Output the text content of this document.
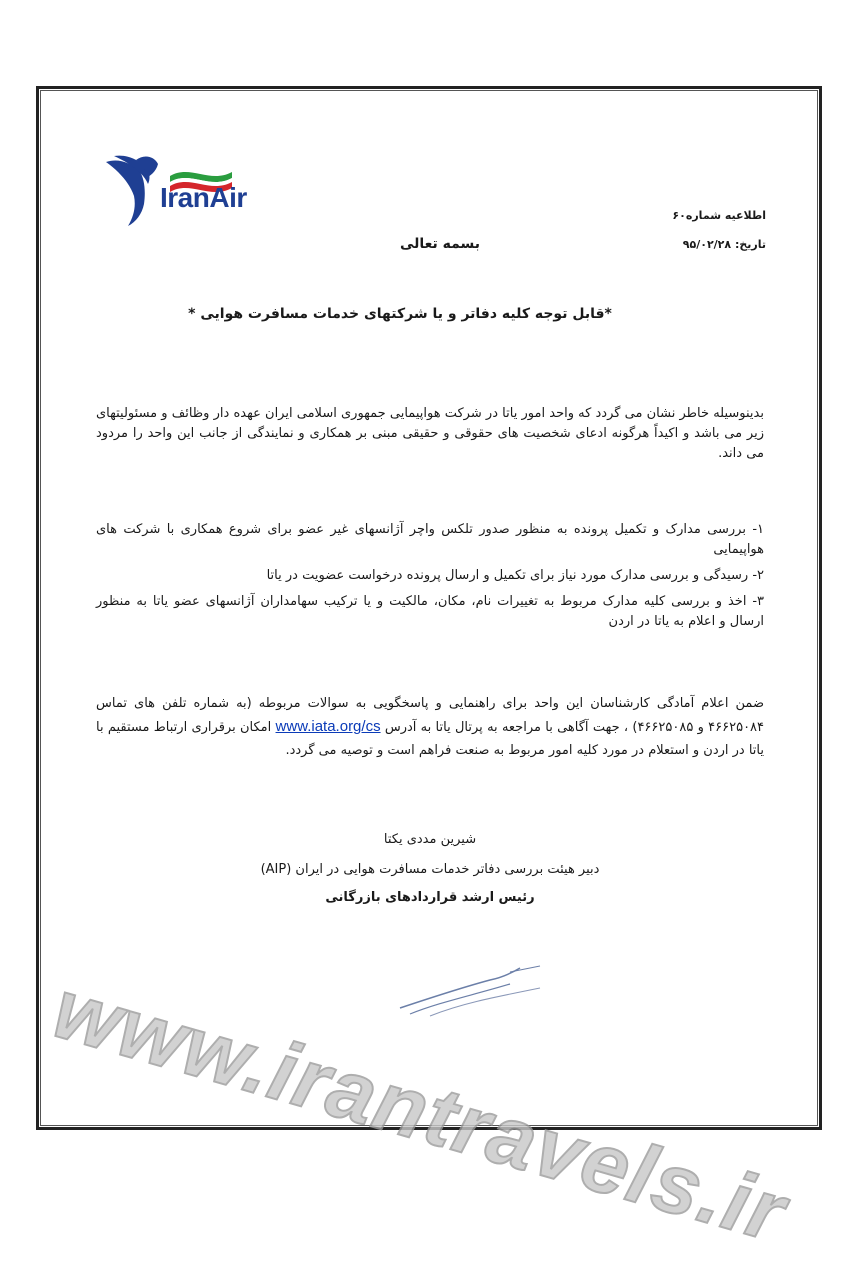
IranAir
اطلاعیه شماره۶۰
تاریخ: ۹۵/۰۲/۲۸
بسمه تعالی
*قابل توجه کلیه دفاتر و یا شرکتهای خدمات مسافرت هوایی *
بدینوسیله خاطر نشان می گردد که واحد امور یاتا در شرکت هواپیمایی جمهوری اسلامی ایران عهده دار وظائف و مسئولیتهای زیر می باشد و اکیداً هرگونه ادعای شخصیت های حقوقی و حقیقی مبنی بر همکاری و نمایندگی از جانب این واحد را مردود می داند.
۱- بررسی مدارک و تکمیل پرونده به منظور صدور تلکس واچر آژانسهای غیر عضو برای شروع همکاری با شرکت های هواپیمایی
۲- رسیدگی و بررسی مدارک مورد نیاز برای تکمیل و ارسال پرونده درخواست عضویت در یاتا
۳- اخذ و بررسی کلیه مدارک مربوط به تغییرات نام، مکان، مالکیت و یا ترکیب سهامداران آژانسهای عضو یاتا به منظور ارسال و اعلام به یاتا در اردن
ضمن اعلام آمادگی کارشناسان این واحد برای راهنمایی و پاسخگویی به سوالات مربوطه (به شماره تلفن های تماس ۴۶۶۲۵۰۸۴ و ۴۶۶۲۵۰۸۵) ، جهت آگاهی با مراجعه به پرتال یاتا به آدرس www.iata.org/cs امکان برقراری ارتباط مستقیم با یاتا در اردن و استعلام در مورد کلیه امور مربوط به صنعت فراهم است و توصیه می گردد.
شیرین مددی یکتا
دبیر هیئت بررسی دفاتر خدمات مسافرت هوایی در ایران (AIP)
رئیس ارشد قراردادهای بازرگانی
www.irantravels.ir
